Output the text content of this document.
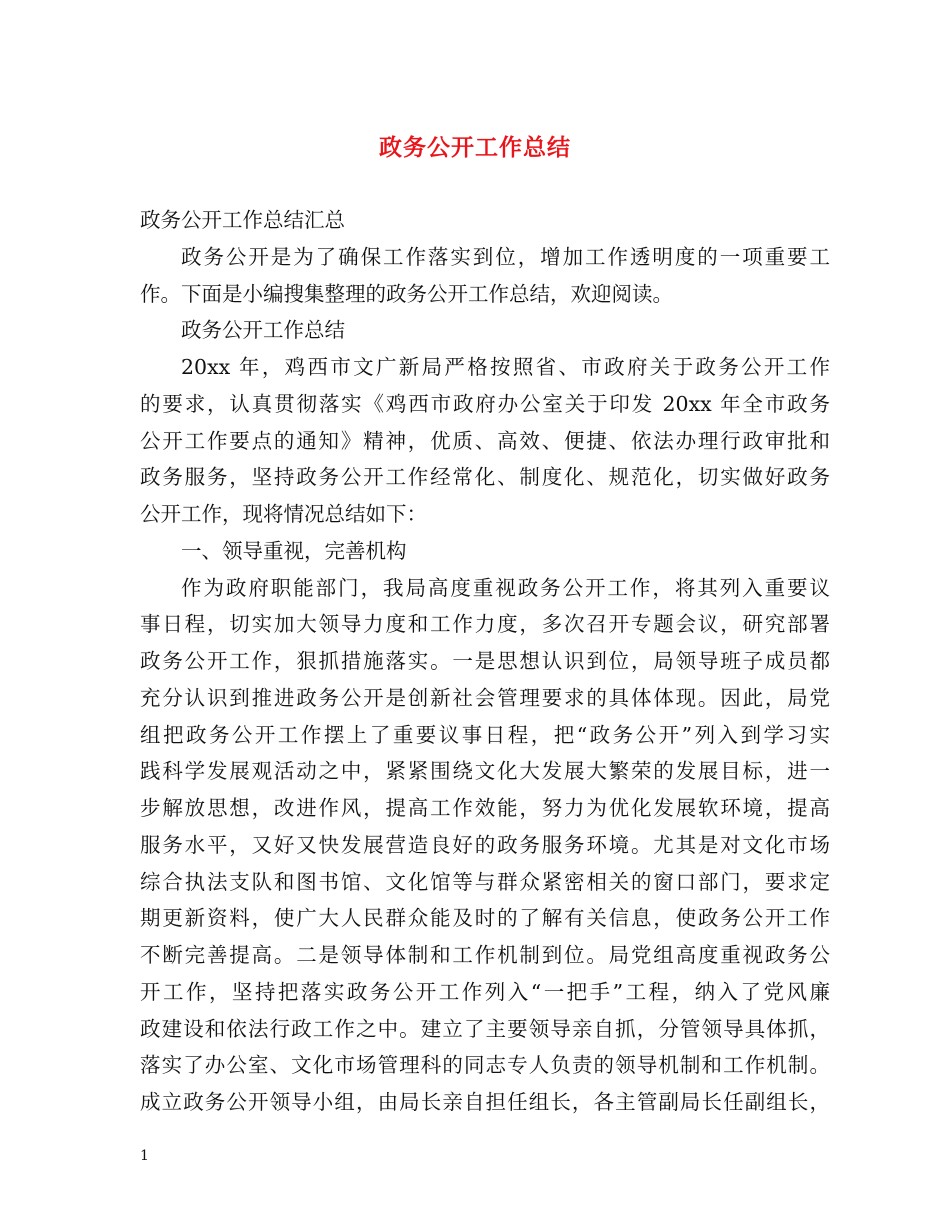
政务公开工作总结
政务公开工作总结汇总
政务公开是为了确保工作落实到位，增加工作透明度的一项重要工
作。下面是小编搜集整理的政务公开工作总结，欢迎阅读。
政务公开工作总结
20xx 年，鸡西市文广新局严格按照省、市政府关于政务公开工作
的要求，认真贯彻落实《鸡西市政府办公室关于印发 20xx 年全市政务
公开工作要点的通知》精神，优质、高效、便捷、依法办理行政审批和
政务服务，坚持政务公开工作经常化、制度化、规范化，切实做好政务
公开工作，现将情况总结如下：
一、领导重视，完善机构
作为政府职能部门，我局高度重视政务公开工作，将其列入重要议
事日程，切实加大领导力度和工作力度，多次召开专题会议，研究部署
政务公开工作，狠抓措施落实。一是思想认识到位，局领导班子成员都
充分认识到推进政务公开是创新社会管理要求的具体体现。因此，局党
组把政务公开工作摆上了重要议事日程，把“政务公开”列入到学习实
践科学发展观活动之中，紧紧围绕文化大发展大繁荣的发展目标，进一
步解放思想，改进作风，提高工作效能，努力为优化发展软环境，提高
服务水平，又好又快发展营造良好的政务服务环境。尤其是对文化市场
综合执法支队和图书馆、文化馆等与群众紧密相关的窗口部门，要求定
期更新资料，使广大人民群众能及时的了解有关信息，使政务公开工作
不断完善提高。二是领导体制和工作机制到位。局党组高度重视政务公
开工作，坚持把落实政务公开工作列入“一把手”工程，纳入了党风廉
政建设和依法行政工作之中。建立了主要领导亲自抓，分管领导具体抓，
落实了办公室、文化市场管理科的同志专人负责的领导机制和工作机制。
成立政务公开领导小组，由局长亲自担任组长，各主管副局长任副组长，
1
